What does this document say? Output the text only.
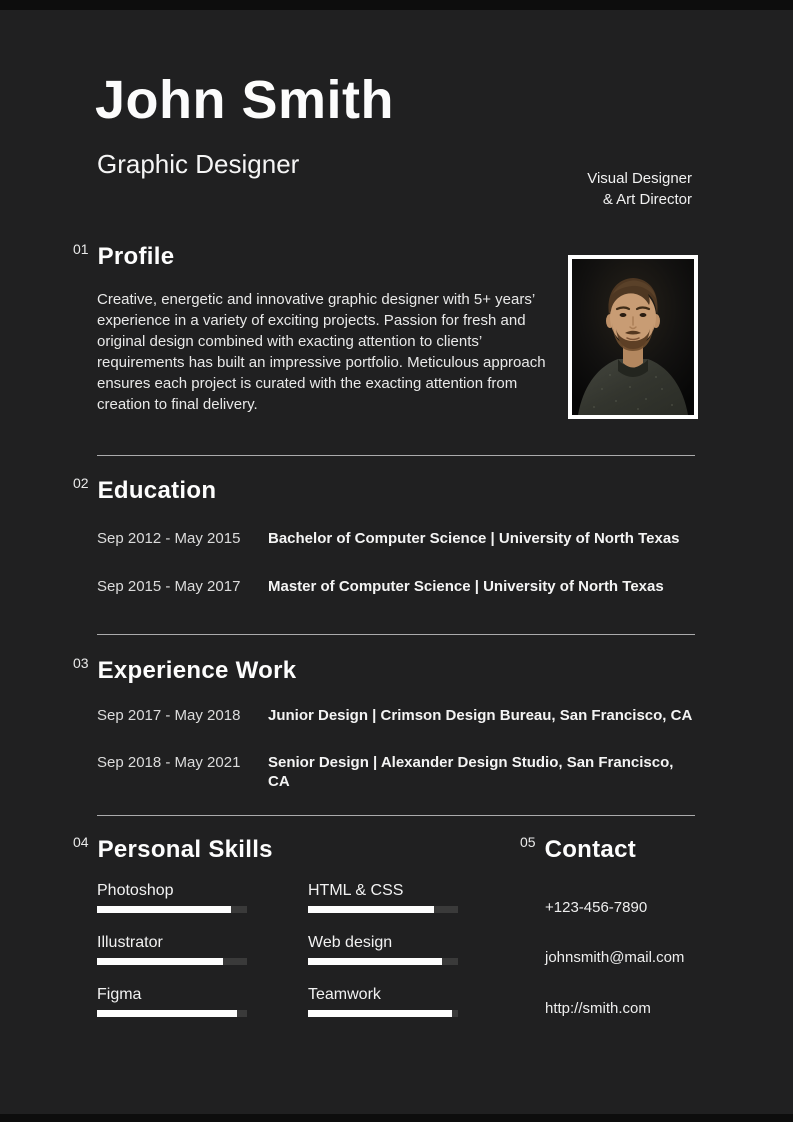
John Smith
Graphic Designer	Visual Designer
& Art Director
01 Profile
Creative, energetic and innovative graphic designer with 5+ years’ experience in a variety of exciting projects. Passion for fresh and original design combined with exacting attention to clients’ requirements has built an impressive portfolio. Meticulous approach ensures each project is curated with the exacting attention from creation to final delivery.
02 Education
Sep 2012 - May 2015	Bachelor of Computer Science | University of North Texas
Sep 2015 - May 2017	Master of Computer Science | University of North Texas
03 Experience Work
Sep 2017 - May 2018	Junior Design | Crimson Design Bureau, San Francisco, CA
Sep 2018 - May 2021	Senior Design | Alexander Design Studio, San Francisco, CA
04 Personal Skills
Photoshop	HTML & CSS
Illustrator	Web design
Figma	Teamwork
05 Contact
+123-456-7890
johnsmith@mail.com
http://smith.com
